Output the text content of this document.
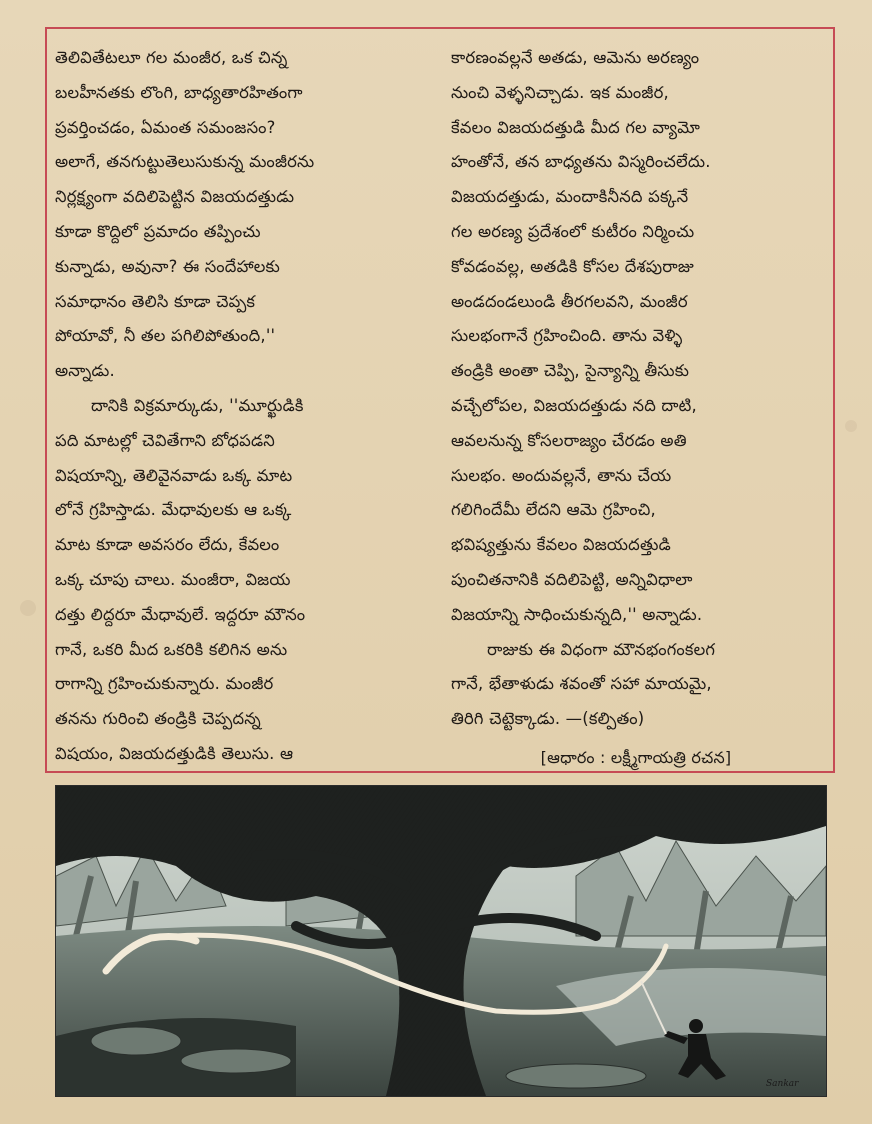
తెలివితేటలూ గల మంజీర, ఒక చిన్న
బలహీనతకు లొంగి, బాధ్యతారహితంగా
ప్రవర్తించడం, ఏమంత సమంజసం?
అలాగే, తనగుట్టుతెలుసుకున్న మంజీరను
నిర్లక్ష్యంగా వదిలిపెట్టిన విజయదత్తుడు
కూడా కొద్దిలో ప్రమాదం తప్పించు
కున్నాడు, అవునా? ఈ సందేహాలకు
సమాధానం తెలిసి కూడా చెప్పక
పోయావో, నీ తల పగిలిపోతుంది,''
అన్నాడు.
దానికి విక్రమార్కుడు, ''మూర్ఖుడికి
పది మాటల్లో చెవితేగాని బోధపడని
విషయాన్ని, తెలివైనవాడు ఒక్క మాట
లోనే గ్రహిస్తాడు. మేధావులకు ఆ ఒక్క
మాట కూడా అవసరం లేదు, కేవలం
ఒక్క చూపు చాలు. మంజీరా, విజయ
దత్తు లిద్దరూ మేధావులే. ఇద్దరూ మౌనం
గానే, ఒకరి మీద ఒకరికి కలిగిన అను
రాగాన్ని గ్రహించుకున్నారు. మంజీర
తనను గురించి తండ్రికి చెప్పదన్న
విషయం, విజయదత్తుడికి తెలుసు. ఆ
కారణంవల్లనే అతడు, ఆమెను అరణ్యం
నుంచి వెళ్ళనిచ్చాడు. ఇక మంజీర,
కేవలం విజయదత్తుడి మీద గల వ్యామో
హంతోనే, తన బాధ్యతను విస్మరించలేదు.
విజయదత్తుడు, మందాకినీనది పక్కనే
గల అరణ్య ప్రదేశంలో కుటీరం నిర్మించు
కోవడంవల్ల, అతడికి కోసల దేశపురాజు
అండదండలుండి తీరగలవని, మంజీర
సులభంగానే గ్రహించింది. తాను వెళ్ళి
తండ్రికి అంతా చెప్పి, సైన్యాన్ని తీసుకు
వచ్చేలోపల, విజయదత్తుడు నది దాటి,
ఆవలనున్న కోసలరాజ్యం చేరడం అతి
సులభం. అందువల్లనే, తాను చేయ
గలిగిందేమీ లేదని ఆమె గ్రహించి,
భవిష్యత్తును కేవలం విజయదత్తుడి
పుంచితనానికి వదిలిపెట్టి, అన్నివిధాలా
విజయాన్ని సాధించుకున్నది,'' అన్నాడు.
రాజుకు ఈ విధంగా మౌనభంగంకలగ
గానే, భేతాళుడు శవంతో సహా మాయమై,
తిరిగి చెట్టెక్కాడు. —(కల్పితం)
[ఆధారం : లక్ష్మీగాయత్రి రచన]
Sankar
